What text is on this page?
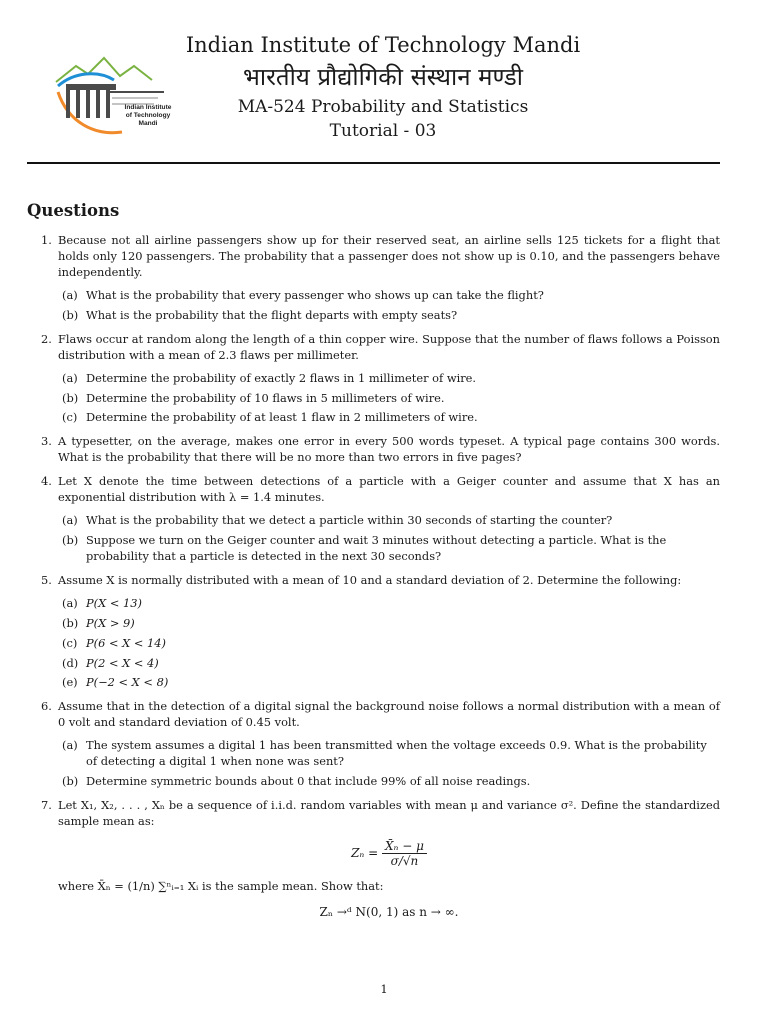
Indian Institute of Technology Mandi
Indian Institute of Technology Mandi
भारतीय प्रौद्योगिकी संस्थान मण्डी
MA-524 Probability and Statistics
Tutorial - 03
Questions
1. Because not all airline passengers show up for their reserved seat, an airline sells 125 tickets for a flight that holds only 120 passengers. The probability that a passenger does not show up is 0.10, and the passengers behave independently.
(a) What is the probability that every passenger who shows up can take the flight?
(b) What is the probability that the flight departs with empty seats?
2. Flaws occur at random along the length of a thin copper wire. Suppose that the number of flaws follows a Poisson distribution with a mean of 2.3 flaws per millimeter.
(a) Determine the probability of exactly 2 flaws in 1 millimeter of wire.
(b) Determine the probability of 10 flaws in 5 millimeters of wire.
(c) Determine the probability of at least 1 flaw in 2 millimeters of wire.
3. A typesetter, on the average, makes one error in every 500 words typeset. A typical page contains 300 words. What is the probability that there will be no more than two errors in five pages?
4. Let X denote the time between detections of a particle with a Geiger counter and assume that X has an exponential distribution with λ = 1.4 minutes.
(a) What is the probability that we detect a particle within 30 seconds of starting the counter?
(b) Suppose we turn on the Geiger counter and wait 3 minutes without detecting a particle. What is the probability that a particle is detected in the next 30 seconds?
5. Assume X is normally distributed with a mean of 10 and a standard deviation of 2. Determine the following:
(a) P(X < 13)
(b) P(X > 9)
(c) P(6 < X < 14)
(d) P(2 < X < 4)
(e) P(−2 < X < 8)
6. Assume that in the detection of a digital signal the background noise follows a normal distribution with a mean of 0 volt and standard deviation of 0.45 volt.
(a) The system assumes a digital 1 has been transmitted when the voltage exceeds 0.9. What is the probability of detecting a digital 1 when none was sent?
(b) Determine symmetric bounds about 0 that include 99% of all noise readings.
7. Let X₁, X₂, . . . , Xₙ be a sequence of i.i.d. random variables with mean μ and variance σ². Define the standardized sample mean as:
$Z_n = \frac{\text{X̄ₙ − μ}}{\sigma/√n}$
where X̄ₙ = (1/n) ∑ⁿᵢ₌₁ Xᵢ is the sample mean. Show that:
Zₙ →ᵈ N(0, 1) as n → ∞.
1
